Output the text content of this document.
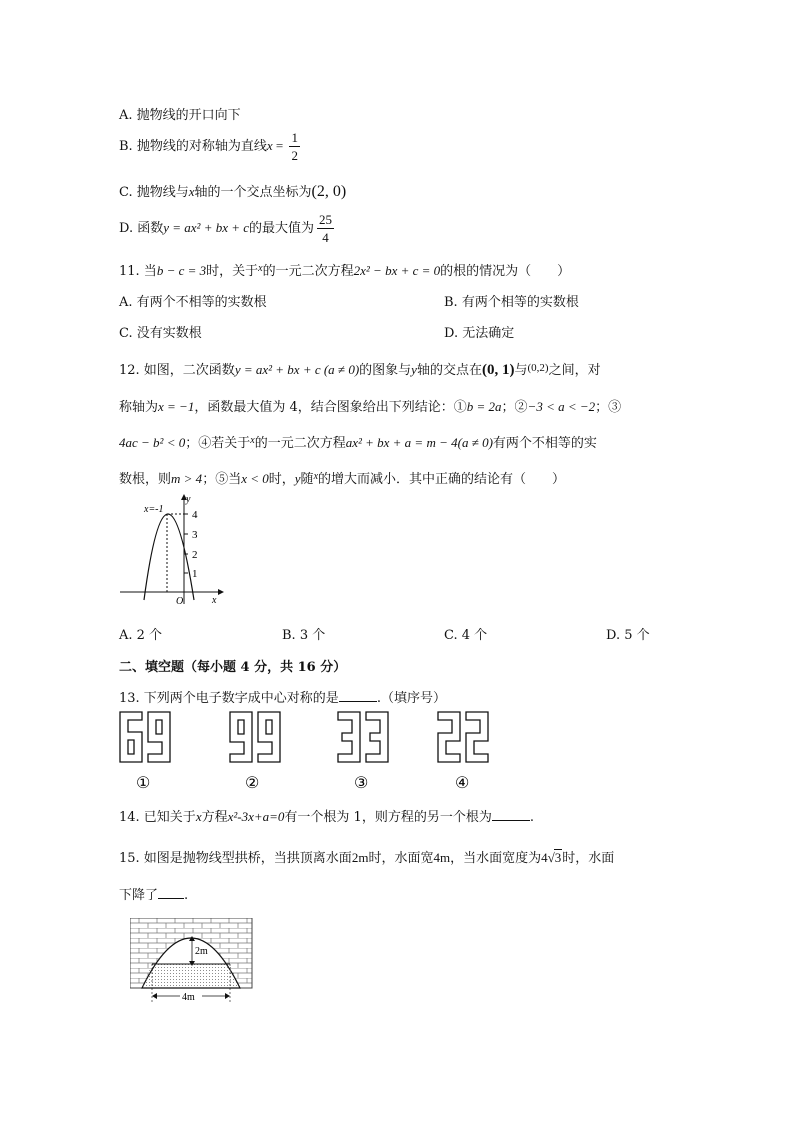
A. 抛物线的开口向下
B. 抛物线的对称轴为直线$x = \frac{1}{2}$
C. 抛物线与x轴的一个交点坐标为(2, 0)
D. 函数y = ax² + bx + c的最大值为 $\frac{25}{4}$
11. 当b − c = 3时，关于$^x$的一元二次方程2x² − bx + c = 0的根的情况为（　　）
A. 有两个不相等的实数根	B. 有两个相等的实数根
C. 没有实数根	D. 无法确定
12. 如图，二次函数y = ax² + bx + c (a ≠ 0)的图象与y轴的交点在(0, 1)与$^{(0,2)}$之间，对
称轴为x = −1，函数最大值为 4，结合图象给出下列结论：①b = 2a；②−3 < a < −2；③
4ac − b² < 0；④若关于$^x$的一元二次方程ax² + bx + a = m − 4(a ≠ 0)有两个不相等的实
数根，则m > 4；⑤当x < 0时，y随$^x$的增大而减小．其中正确的结论有（　　）
4
3
2
1
x=-1
y
x
O
A. 2 个	B. 3 个	C. 4 个	D. 5 个
二、填空题（每小题 4 分，共 16 分）
13. 下列两个电子数字成中心对称的是	.（填序号）
①	②	③	④
14. 已知关于x方程x²-3x+a=0有一个根为 1，则方程的另一个根为	.
15. 如图是抛物线型拱桥，当拱顶离水面2m时，水面宽4m，当水面宽度为4√3时，水面
下降了 .
2m
4m
